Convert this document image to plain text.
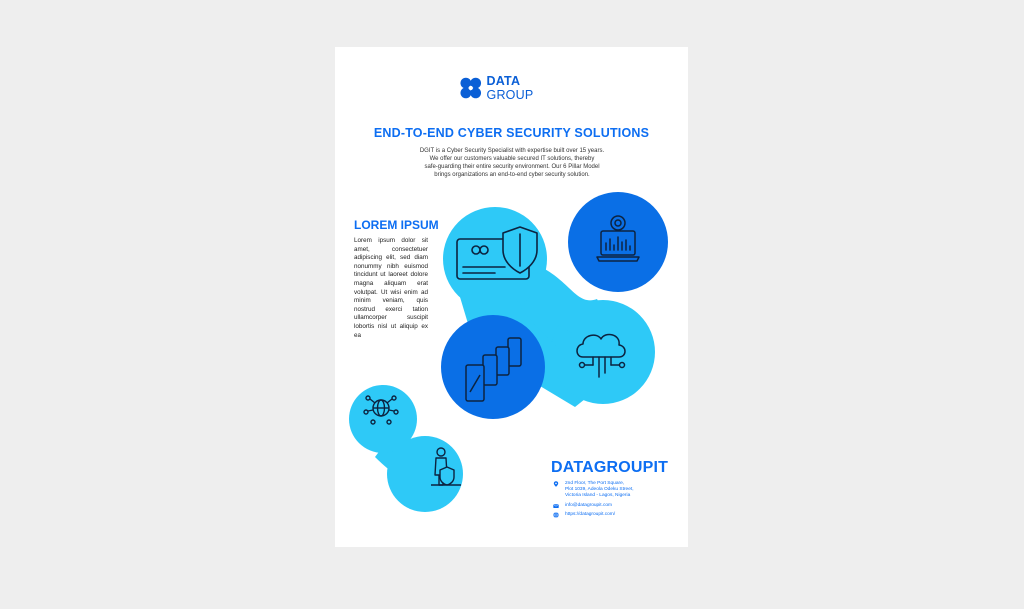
DATA GROUP
END-TO-END CYBER SECURITY SOLUTIONS
DGIT is a Cyber Security Specialist with expertise built over 15 years.
We offer our customers valuable secured IT solutions, thereby
safe-guarding their entire security environment. Our 6 Pillar Model
brings organizations an end-to-end cyber security solution.
LOREM IPSUM
Lorem ipsum dolor sit amet, consectetuer adipiscing elit, sed diam nonummy nibh euismod tincidunt ut laoreet dolore magna aliquam erat volutpat. Ut wisi enim ad minim veniam, quis nostrud exerci tation ullamcorper suscipit lobortis nisl ut aliquip ex ea
DATAGROUPIT
2nd Floor, The Port Square,
Plot 1039, Adeola Odeku Street,
Victoria Island - Lagos, Nigeria
info@datagroupit.com
https://datagroupit.com/
